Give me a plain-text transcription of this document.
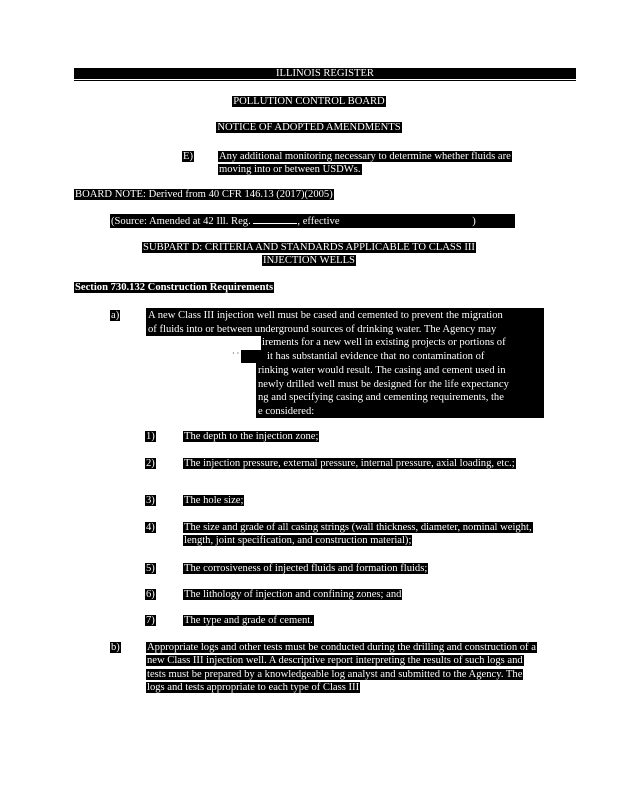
ILLINOIS REGISTER
POLLUTION CONTROL BOARD
NOTICE OF ADOPTED AMENDMENTS
E) Any additional monitoring necessary to determine whether fluids are moving into or between USDWs.
BOARD NOTE: Derived from 40 CFR 146.13 (2017)(2005)
(Source: Amended at 42 Ill. Reg.	, effective	)
SUBPART D: CRITERIA AND STANDARDS APPLICABLE TO CLASS III
INJECTION WELLS
Section 730.132 Construction Requirements
a)
· · ·
A new Class III injection well must be cased and cemented to prevent the migration
of fluids into or between underground sources of drinking water. The Agency may
irements for a new well in existing projects or portions of
it has substantial evidence that no contamination of
rinking water would result. The casing and cement used in
newly drilled well must be designed for the life expectancy
ng and specifying casing and cementing requirements, the
e considered:
1)	The depth to the injection zone;
2)	The injection pressure, external pressure, internal pressure, axial loading, etc.;
3)	The hole size;
4)	The size and grade of all casing strings (wall thickness, diameter, nominal weight, length, joint specification, and construction material);
5)	The corrosiveness of injected fluids and formation fluids;
6)	The lithology of injection and confining zones; and
7)	The type and grade of cement.
b)	Appropriate logs and other tests must be conducted during the drilling and construction of a new Class III injection well. A descriptive report interpreting the results of such logs and tests must be prepared by a knowledgeable log analyst and submitted to the Agency. The logs and tests appropriate to each type of Class III
